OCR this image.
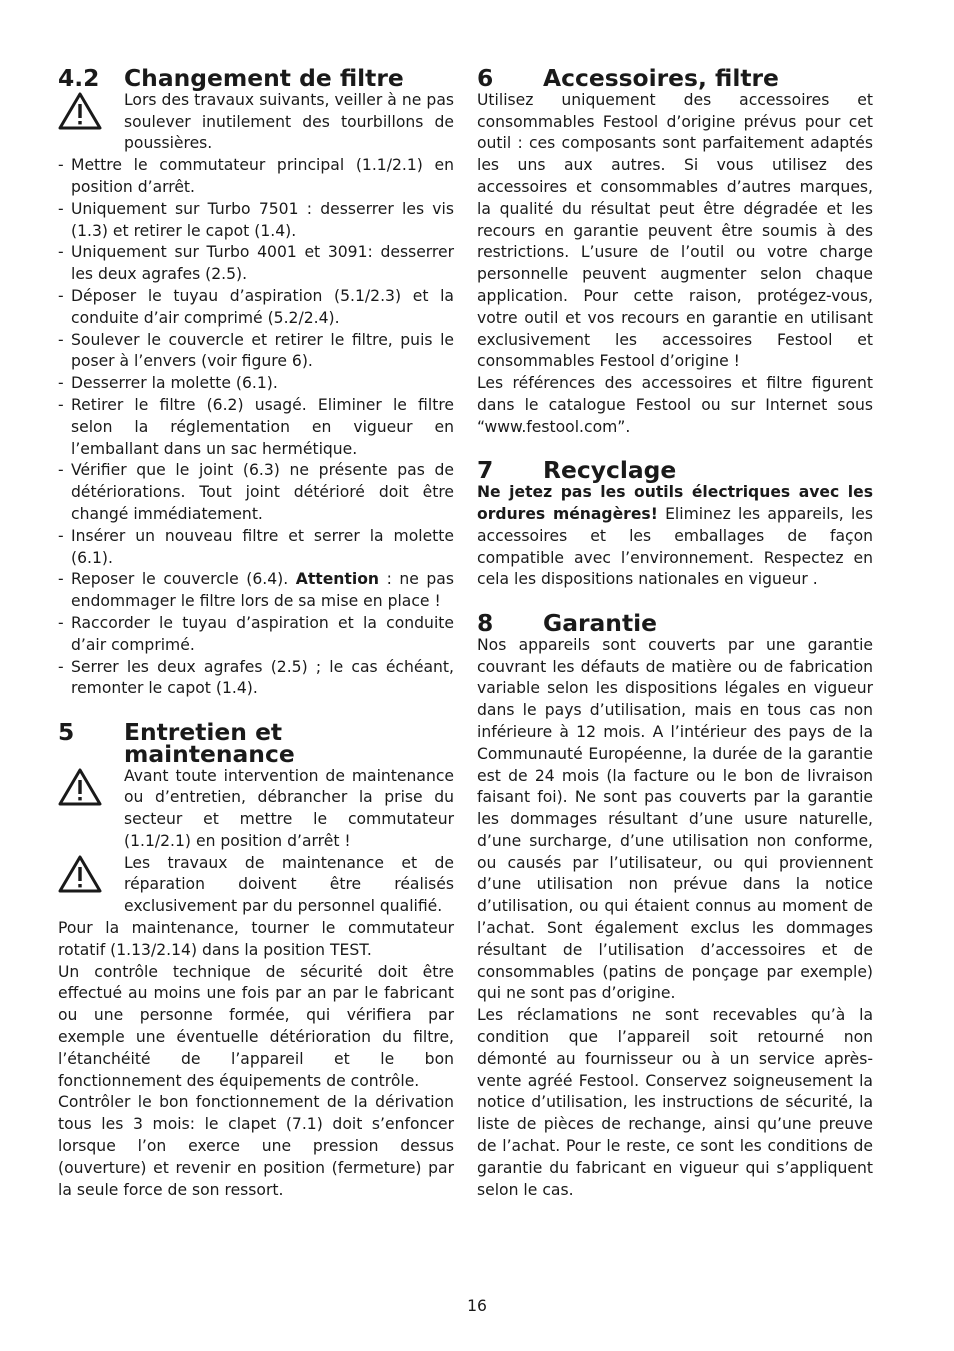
4.2	Changement de filtre

Lors des travaux suivants, veiller à ne pas soulever inutilement des tourbillons de poussières.

- Mettre le commutateur principal (1.1/2.1) en position d’arrêt.
- Uniquement sur Turbo 7501 : desserrer les vis (1.3) et retirer le capot (1.4).
- Uniquement sur Turbo 4001 et 3091: desserrer les deux agrafes (2.5).
- Déposer le tuyau d’aspiration (5.1/2.3) et la conduite d’air comprimé (5.2/2.4).
- Soulever le couvercle et retirer le filtre, puis le poser à l’envers (voir figure 6).
- Desserrer la molette (6.1).
- Retirer le filtre (6.2) usagé. Eliminer le filtre selon la réglementation en vigueur en l’emballant dans un sac hermétique.
- Vérifier que le joint (6.3) ne présente pas de détériorations. Tout joint détérioré doit être changé immédiatement.
- Insérer un nouveau filtre et serrer la molette (6.1).
- Reposer le couvercle (6.4). Attention : ne pas endommager le filtre lors de sa mise en place !
- Raccorder le tuyau d’aspiration et la conduite d’air comprimé.
- Serrer les deux agrafes (2.5) ; le cas échéant, remonter le capot (1.4).
5	Entretien et maintenance

Avant toute intervention de maintenance ou d’entretien, débrancher la prise du secteur et mettre le commutateur (1.1/2.1) en position d’arrêt !

Les travaux de maintenance et de réparation doivent être réalisés exclusivement par du personnel qualifié.

Pour la maintenance, tourner le commutateur rotatif (1.13/2.14) dans la position TEST.

Un contrôle technique de sécurité doit être effectué au moins une fois par an par le fabricant ou une personne formée, qui vérifiera par exemple une éventuelle détérioration du filtre, l’étanchéité de l’appareil et le bon fonctionnement des équipements de contrôle.

Contrôler le bon fonctionnement de la dérivation tous les 3 mois: le clapet (7.1) doit s’enfoncer lorsque l’on exerce une pression dessus (ouverture) et revenir en position (fermeture) par la seule force de son ressort.

6	Accessoires, filtre

Utilisez uniquement des accessoires et consommables Festool d’origine prévus pour cet outil : ces composants sont parfaitement adaptés les uns aux autres. Si vous utilisez des accessoires et consommables d’autres marques, la qualité du résultat peut être dégradée et les recours en garantie peuvent être soumis à des restrictions. L’usure de l’outil ou votre charge personnelle peuvent augmenter selon chaque application. Pour cette raison, protégez-vous, votre outil et vos recours en garantie en utilisant exclusivement les accessoires Festool et consommables Festool d’origine !

Les références des accessoires et filtre figurent dans le catalogue Festool ou sur Internet sous “www.festool.com”.

7	Recyclage

Ne jetez pas les outils électriques avec les ordures ménagères! Eliminez les appareils, les accessoires et les emballages de façon compatible avec l’environnement. Respectez en cela les dispositions nationales en vigueur .

8	Garantie

Nos appareils sont couverts par une garantie couvrant les défauts de matière ou de fabrication variable selon les dispositions légales en vigueur dans le pays d’utilisation, mais en tous cas non inférieure à 12 mois. A l’intérieur des pays de la Communauté Européenne, la durée de la garantie est de 24 mois (la facture ou le bon de livraison faisant foi). Ne sont pas couverts par la garantie les dommages résultant d’une usure naturelle, d’une surcharge, d’une utilisation non conforme, ou causés par l’utilisateur, ou qui proviennent d’une utilisation non prévue dans la notice d’utilisation, ou qui étaient connus au moment de l’achat. Sont également exclus les dommages résultant de l’utilisation d’accessoires et de consommables (patins de ponçage par exemple) qui ne sont pas d’origine.

Les réclamations ne sont recevables qu’à la condition que l’appareil soit retourné non démonté au fournisseur ou à un service après-vente agréé Festool. Conservez soigneusement la notice d’utilisation, les instructions de sécurité, la liste de pièces de rechange, ainsi qu’une preuve de l’achat. Pour le reste, ce sont les conditions de garantie du fabricant en vigueur qui s’appliquent selon le cas.

16
